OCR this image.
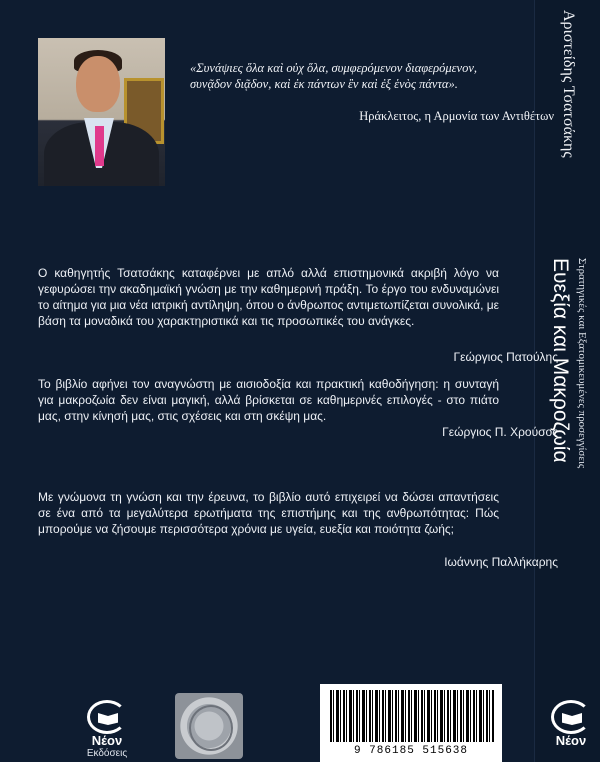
«Συνάψιες ὅλα καὶ οὐχ ὅλα, συμφερόμενον διαφερόμενον, συνᾷδον διᾷδον, καὶ ἐκ πάντων ἓν καὶ ἐξ ἑνὸς πάντα».
Ηράκλειτος, η Αρμονία των Αντιθέτων
Ο καθηγητής Τσατσάκης καταφέρνει με απλό αλλά επιστημονικά ακριβή λόγο να γεφυρώσει την ακαδημαϊκή γνώση με την καθημερινή πράξη. Το έργο του ενδυναμώνει το αίτημα για μια νέα ιατρική αντίληψη, όπου ο άνθρωπος αντιμετωπίζεται συνολικά, με βάση τα μοναδικά του χαρακτηριστικά και τις προσωπικές του ανάγκες.
Γεώργιος Πατούλης
Το βιβλίο αφήνει τον αναγνώστη με αισιοδοξία και πρακτική καθοδήγηση: η συνταγή για μακροζωία δεν είναι μαγική, αλλά βρίσκεται σε καθημερινές επιλογές - στο πιάτο μας, στην κίνησή μας, στις σχέσεις και στη σκέψη μας.
Γεώργιος Π. Χρούσος
Με γνώμονα τη γνώση και την έρευνα, το βιβλίο αυτό επιχειρεί να δώσει απαντήσεις σε ένα από τα μεγαλύτερα ερωτήματα της επιστήμης και της ανθρωπότητας: Πώς μπορούμε να ζήσουμε περισσότερα χρόνια με υγεία, ευεξία και ποιότητα ζωής;
Ιωάννης Παλλήκαρης
Νέον
Εκδόσεις	9 786185 515638
Αριστείδης Τσατσάκης
Ευεξία και Μακροζωία Στρατηγικές και Εξατομικευμένες προσεγγίσεις
Νέον
